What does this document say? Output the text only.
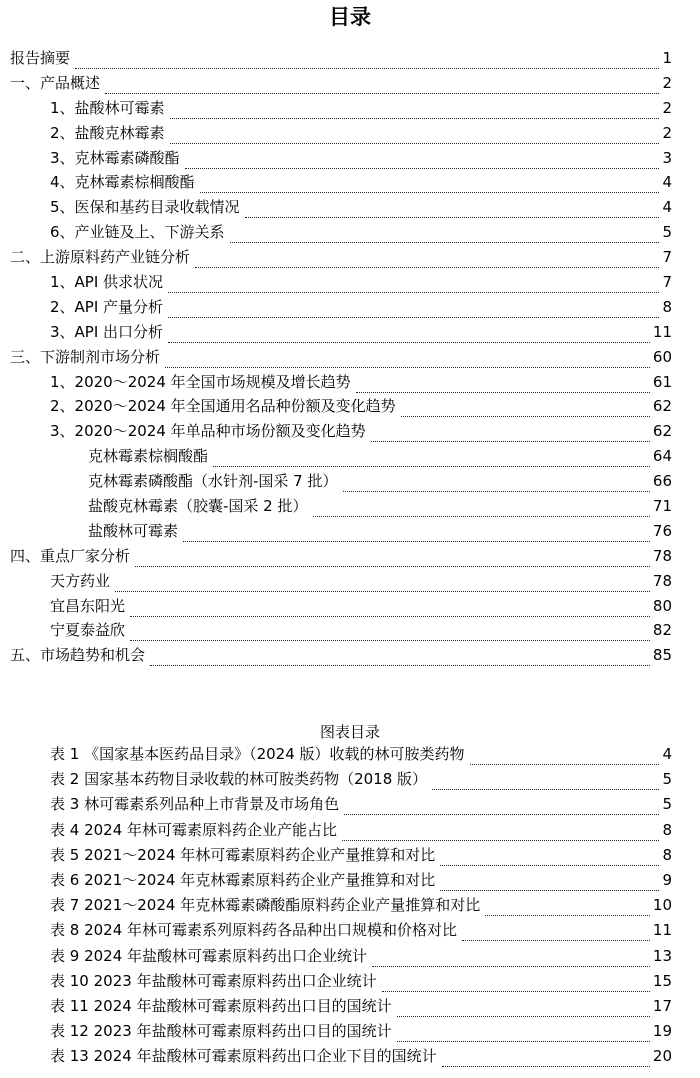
目录
报告摘要	1
一、产品概述	2
1、盐酸林可霉素	2
2、盐酸克林霉素	2
3、克林霉素磷酸酯	3
4、克林霉素棕榈酸酯	4
5、医保和基药目录收载情况	4
6、产业链及上、下游关系	5
二、上游原料药产业链分析	7
1、API 供求状况	7
2、API 产量分析	8
3、API 出口分析	11
三、下游制剂市场分析	60
1、2020～2024 年全国市场规模及增长趋势	61
2、2020～2024 年全国通用名品种份额及变化趋势	62
3、2020～2024 年单品种市场份额及变化趋势	62
克林霉素棕榈酸酯	64
克林霉素磷酸酯（水针剂-国采 7 批）	66
盐酸克林霉素（胶囊-国采 2 批）	71
盐酸林可霉素	76
四、重点厂家分析	78
天方药业	78
宜昌东阳光	80
宁夏泰益欣	82
五、市场趋势和机会	85
图表目录
表 1 《国家基本医药品目录》（2024 版）收载的林可胺类药物	4
表 2 国家基本药物目录收载的林可胺类药物（2018 版）	5
表 3 林可霉素系列品种上市背景及市场角色	5
表 4 2024 年林可霉素原料药企业产能占比	8
表 5 2021～2024 年林可霉素原料药企业产量推算和对比	8
表 6 2021～2024 年克林霉素原料药企业产量推算和对比	9
表 7 2021～2024 年克林霉素磷酸酯原料药企业产量推算和对比	10
表 8 2024 年林可霉素系列原料药各品种出口规模和价格对比	11
表 9 2024 年盐酸林可霉素原料药出口企业统计	13
表 10 2023 年盐酸林可霉素原料药出口企业统计	15
表 11 2024 年盐酸林可霉素原料药出口目的国统计	17
表 12 2023 年盐酸林可霉素原料药出口目的国统计	19
表 13 2024 年盐酸林可霉素原料药出口企业下目的国统计	20
